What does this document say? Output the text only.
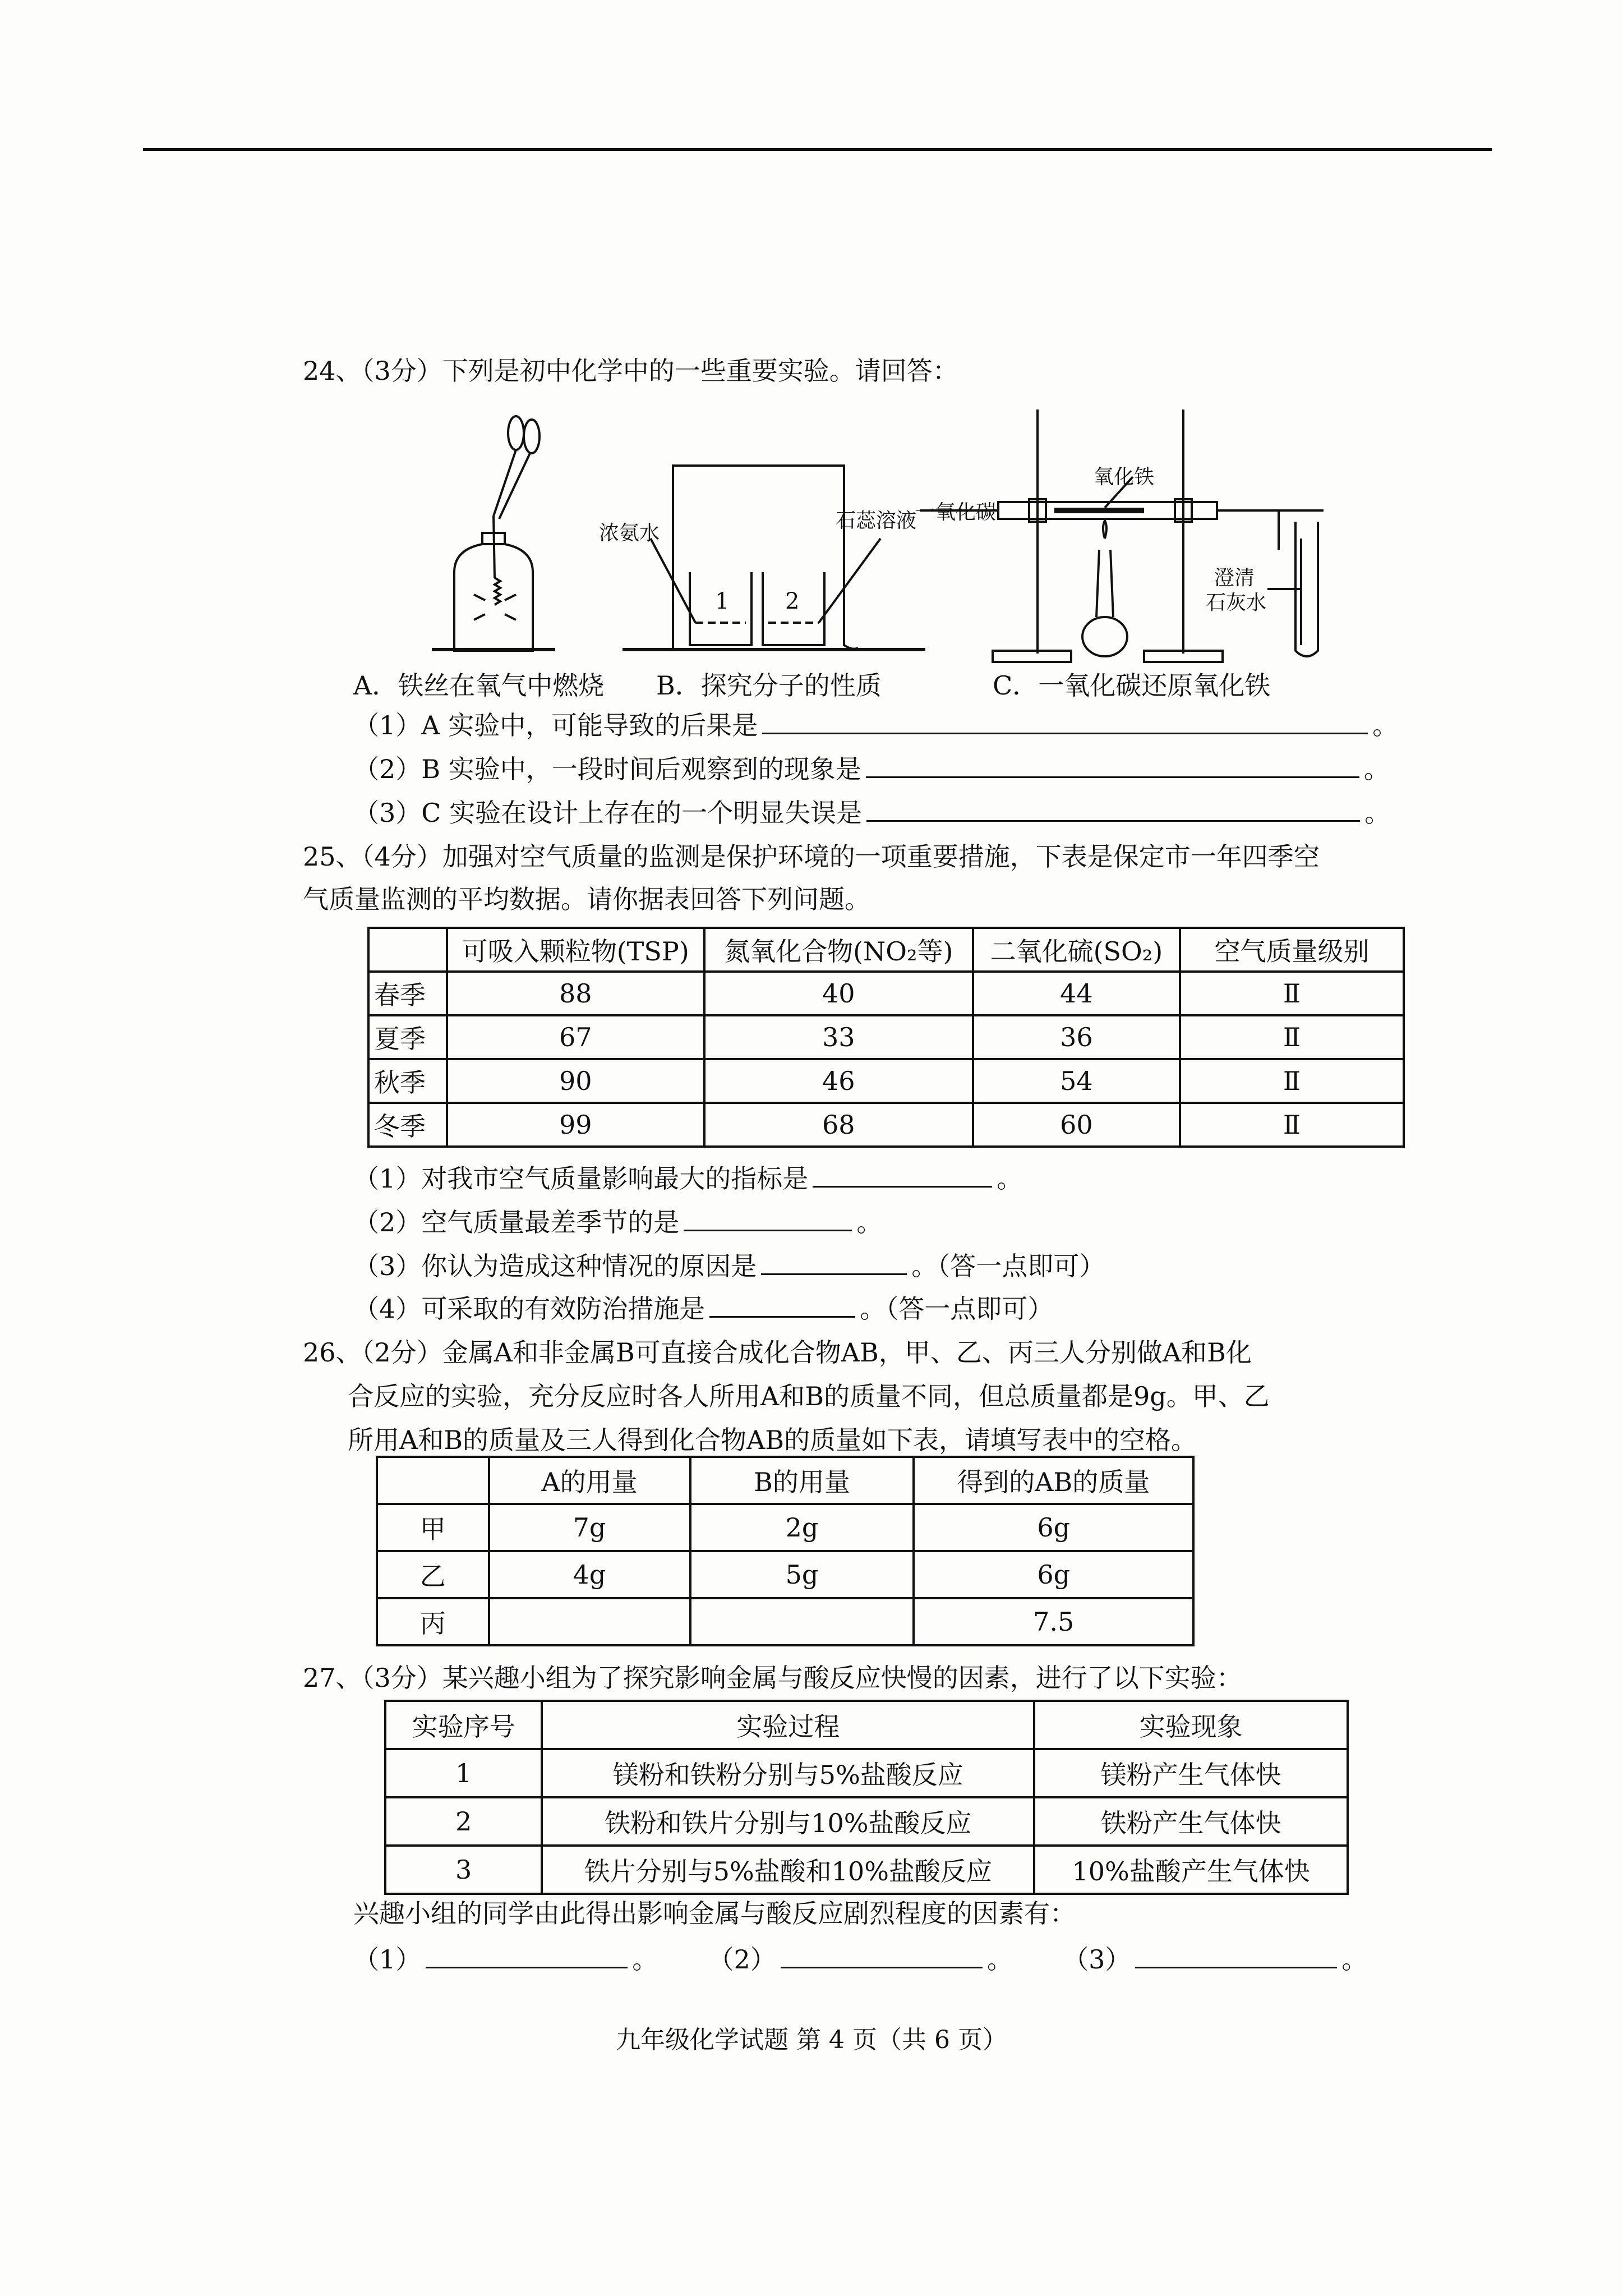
24、（3分）下列是初中化学中的一些重要实验。请回答：
A．铁丝在氧气中燃烧
1 2
浓氨水
石蕊溶液
B．探究分子的性质
氧化铁
一氧化碳
澄清
石灰水
C．一氧化碳还原氧化铁
（1）A 实验中，可能导致的后果是	。
（2）B 实验中，一段时间后观察到的现象是	。
（3）C 实验在设计上存在的一个明显失误是	。
25、（4分）加强对空气质量的监测是保护环境的一项重要措施，下表是保定市一年四季空
气质量监测的平均数据。请你据表回答下列问题。
	可吸入颗粒物(TSP)	氮氧化合物(NO₂等)	二氧化硫(SO₂)	空气质量级别
春季	88	40	44	Ⅱ
夏季	67	33	36	Ⅱ
秋季	90	46	54	Ⅱ
冬季	99	68	60	Ⅱ
（1）对我市空气质量影响最大的指标是	。
（2）空气质量最差季节的是	。
（3）你认为造成这种情况的原因是	。（答一点即可）
（4）可采取的有效防治措施是	。（答一点即可）
26、（2分）金属A和非金属B可直接合成化合物AB，甲、乙、丙三人分别做A和B化
合反应的实验，充分反应时各人所用A和B的质量不同，但总质量都是9g。甲、乙
所用A和B的质量及三人得到化合物AB的质量如下表，请填写表中的空格。
	A的用量	B的用量	得到的AB的质量
甲	7g	2g	6g
乙	4g	5g	6g
丙			7.5
27、（3分）某兴趣小组为了探究影响金属与酸反应快慢的因素，进行了以下实验：
实验序号	实验过程	实验现象
1	镁粉和铁粉分别与5%盐酸反应	镁粉产生气体快
2	铁粉和铁片分别与10%盐酸反应	铁粉产生气体快
3	铁片分别与5%盐酸和10%盐酸反应	10%盐酸产生气体快
兴趣小组的同学由此得出影响金属与酸反应剧烈程度的因素有：
（1）	。 （2）	。 （3）	。
九年级化学试题 第 4 页（共 6 页）
